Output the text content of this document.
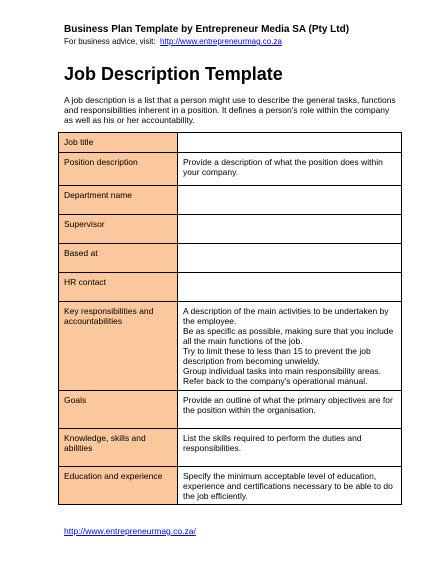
Business Plan Template by Entrepreneur Media SA (Pty Ltd)
For business advice, visit: http://www.entrepreneurmag.co.za
Job Description Template
A job description is a list that a person might use to describe the general tasks, functions and responsibilities inherent in a position. It defines a person's role within the company as well as his or her accountability.
Job title	
Position description	Provide a description of what the position does within your company.

Department name	
Supervisor	
Based at	
HR contact	
Key responsibilities and accountabilities	A description of the main activities to be undertaken by the employee.
Be as specific as possible, making sure that you include all the main functions of the job.
Try to limit these to less than 15 to prevent the job description from becoming unwieldy.
Group individual tasks into main responsibility areas. Refer back to the company's operational manual.

Goals	Provide an outline of what the primary objectives are for the position within the organisation.

Knowledge, skills and abilities	List the skills required to perform the duties and responsibilities.

Education and experience	Specify the minimum acceptable level of education, experience and certifications necessary to be able to do the job efficiently.
http://www.entrepreneurmag.co.za/
